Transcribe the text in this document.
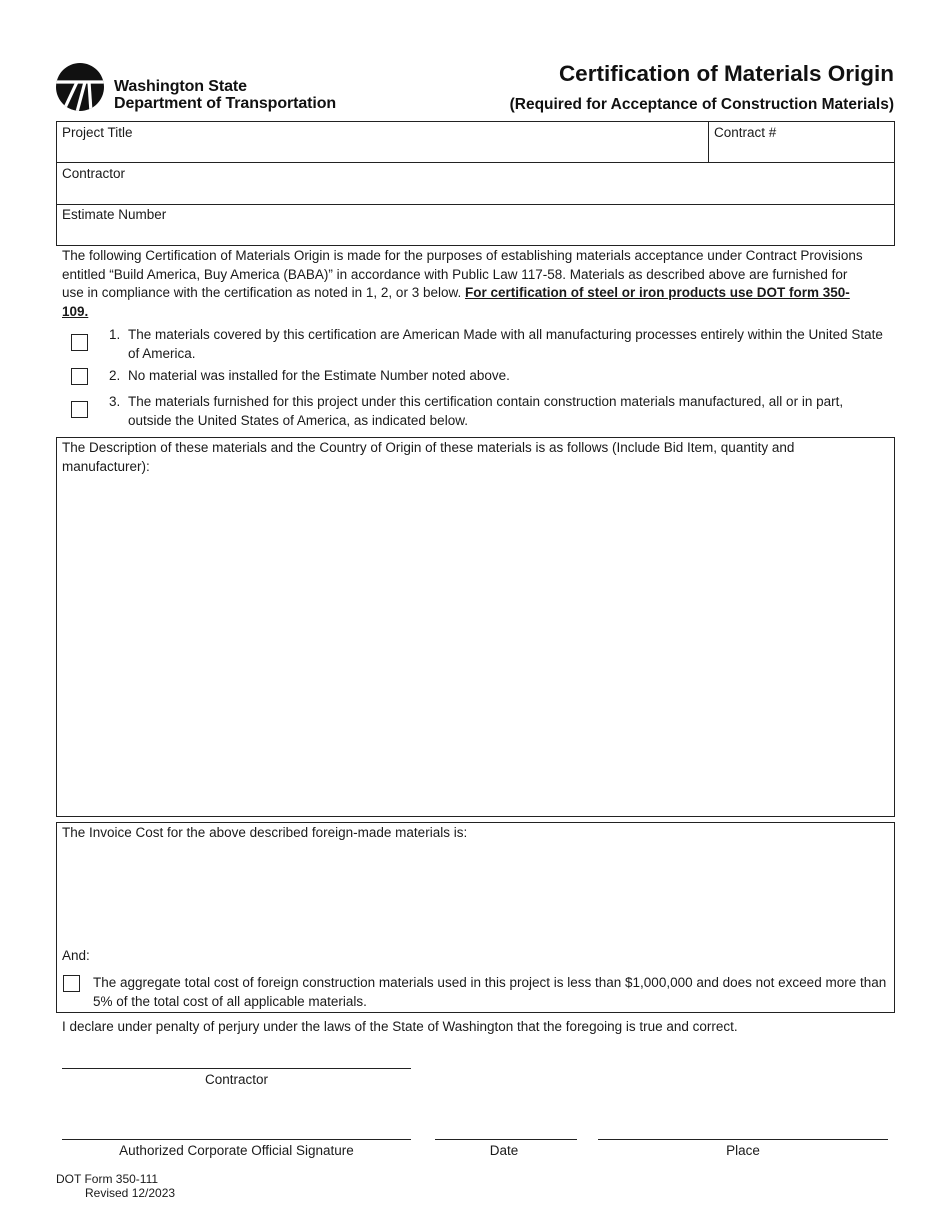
Washington State
Department of Transportation
Certification of Materials Origin
(Required for Acceptance of Construction Materials)
Project Title	Contract #
Contractor
Estimate Number
The following Certification of Materials Origin is made for the purposes of establishing materials acceptance under Contract Provisions entitled “Build America, Buy America (BABA)” in accordance with Public Law 117-58. Materials as described above are furnished for use in compliance with the certification as noted in 1, 2, or 3 below. For certification of steel or iron products use DOT form 350-109.
1. The materials covered by this certification are American Made with all manufacturing processes entirely within the United State of America.
2. No material was installed for the Estimate Number noted above.
3. The materials furnished for this project under this certification contain construction materials manufactured, all or in part, outside the United States of America, as indicated below.
The Description of these materials and the Country of Origin of these materials is as follows (Include Bid Item, quantity and manufacturer):
The Invoice Cost for the above described foreign-made materials is:
And:
The aggregate total cost of foreign construction materials used in this project is less than $1,000,000 and does not exceed more than 5% of the total cost of all applicable materials.
I declare under penalty of perjury under the laws of the State of Washington that the foregoing is true and correct.
Contractor
Authorized Corporate Official Signature	Date	Place
DOT Form 350-111
Revised 12/2023
